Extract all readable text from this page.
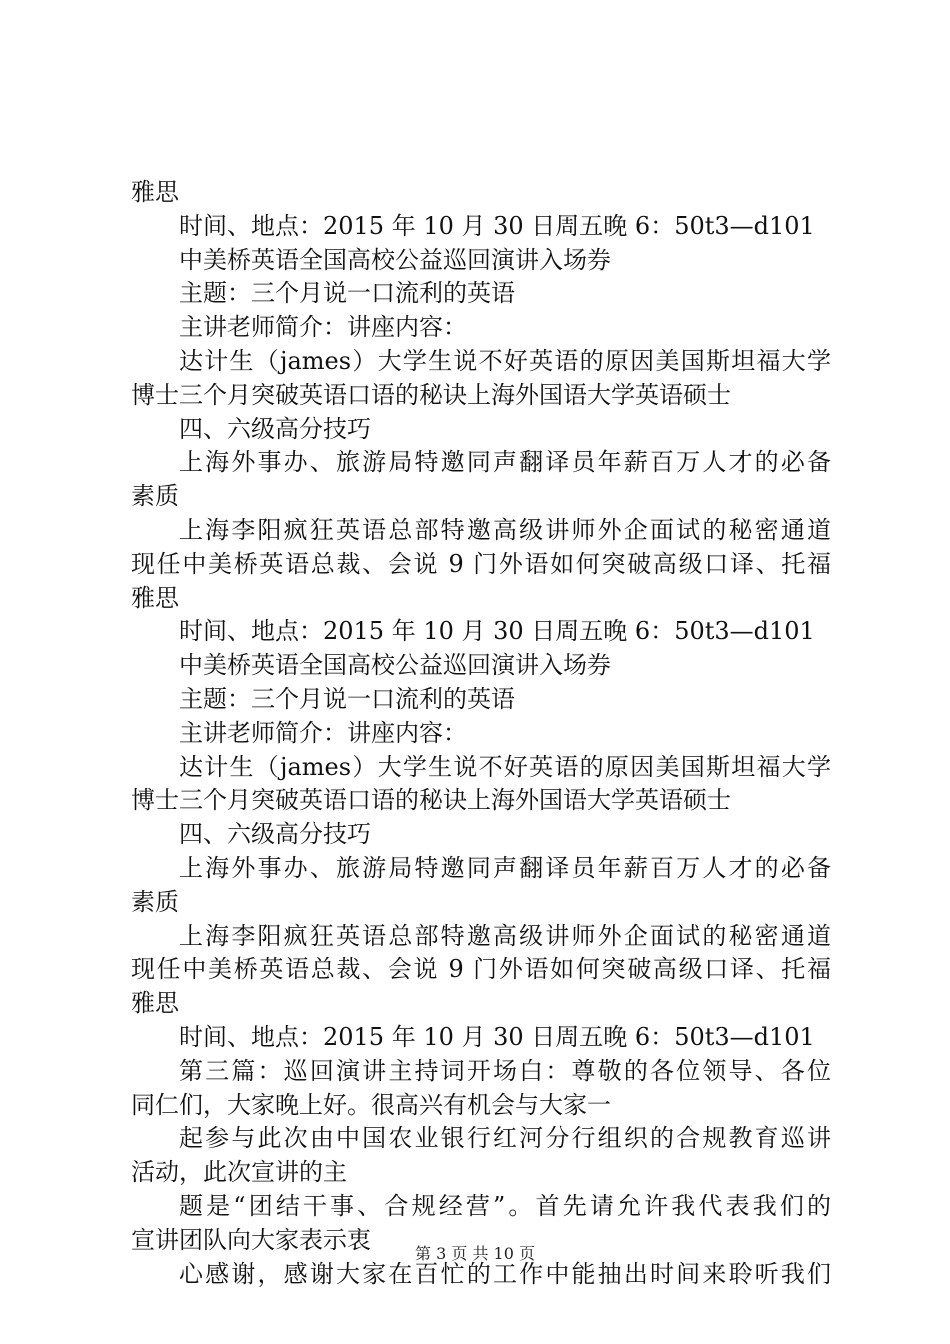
雅思
时间、地点：2015 年 10 月 30 日周五晚 6：50t3—d101
中美桥英语全国高校公益巡回演讲入场券
主题：三个月说一口流利的英语
主讲老师简介：讲座内容：
达计生（james）大学生说不好英语的原因美国斯坦福大学
博士三个月突破英语口语的秘诀上海外国语大学英语硕士
四、六级高分技巧
上海外事办、旅游局特邀同声翻译员年薪百万人才的必备
素质
上海李阳疯狂英语总部特邀高级讲师外企面试的秘密通道
现任中美桥英语总裁、会说 9 门外语如何突破高级口译、托福
雅思
时间、地点：2015 年 10 月 30 日周五晚 6：50t3—d101
中美桥英语全国高校公益巡回演讲入场券
主题：三个月说一口流利的英语
主讲老师简介：讲座内容：
达计生（james）大学生说不好英语的原因美国斯坦福大学
博士三个月突破英语口语的秘诀上海外国语大学英语硕士
四、六级高分技巧
上海外事办、旅游局特邀同声翻译员年薪百万人才的必备
素质
上海李阳疯狂英语总部特邀高级讲师外企面试的秘密通道
现任中美桥英语总裁、会说 9 门外语如何突破高级口译、托福
雅思
时间、地点：2015 年 10 月 30 日周五晚 6：50t3—d101
第三篇：巡回演讲主持词开场白：尊敬的各位领导、各位
同仁们，大家晚上好。很高兴有机会与大家一
起参与此次由中国农业银行红河分行组织的合规教育巡讲
活动，此次宣讲的主
题是“团结干事、合规经营”。首先请允许我代表我们的
宣讲团队向大家表示衷
心感谢，感谢大家在百忙的工作中能抽出时间来聆听我们
第 3 页 共 10 页
